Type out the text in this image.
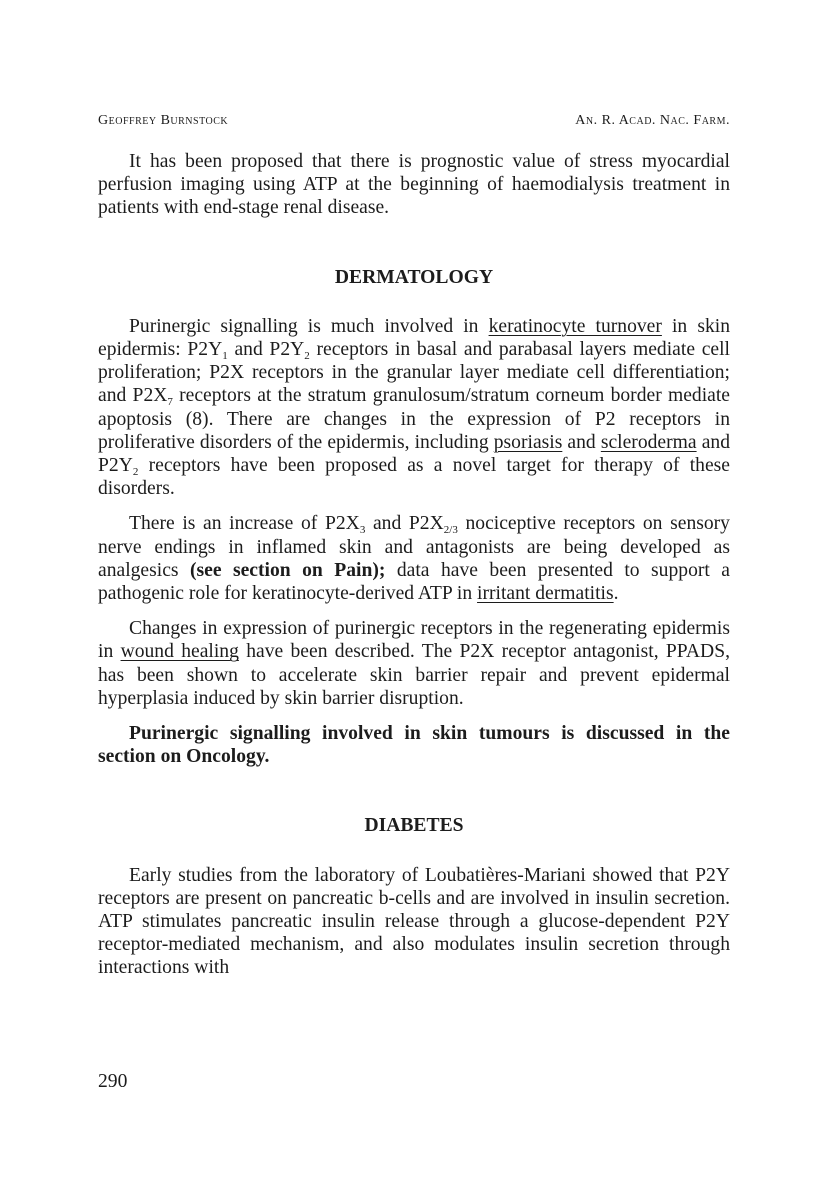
Geoffrey Burnstock	An. R. Acad. Nac. Farm.

It has been proposed that there is prognostic value of stress myocardial perfusion imaging using ATP at the beginning of haemodialysis treatment in patients with end-stage renal disease.

DERMATOLOGY

Purinergic signalling is much involved in keratinocyte turnover in skin epidermis: $P2Y_1$ and $P2Y_2$ receptors in basal and parabasal layers mediate cell proliferation; P2X receptors in the granular layer mediate cell differentiation; and $P2X_7$ receptors at the stratum granulosum/stratum corneum border mediate apoptosis (8). There are changes in the expression of P2 receptors in proliferative disorders of the epidermis, including psoriasis and scleroderma and $P2Y_2$ receptors have been proposed as a novel target for therapy of these disorders.

There is an increase of $P2X_3$ and $P2X_{2/3}$ nociceptive receptors on sensory nerve endings in inflamed skin and antagonists are being developed as analgesics (see section on Pain); data have been presented to support a pathogenic role for keratinocyte-derived ATP in irritant dermatitis.

Changes in expression of purinergic receptors in the regenerating epidermis in wound healing have been described. The P2X receptor antagonist, PPADS, has been shown to accelerate skin barrier repair and prevent epidermal hyperplasia induced by skin barrier disruption.

Purinergic signalling involved in skin tumours is discussed in the section on Oncology.

DIABETES

Early studies from the laboratory of Loubatières-Mariani showed that P2Y receptors are present on pancreatic b-cells and are involved in insulin secretion. ATP stimulates pancreatic insulin release through a glucose-dependent P2Y receptor-mediated mechanism, and also modulates insulin secretion through interactions with

290
